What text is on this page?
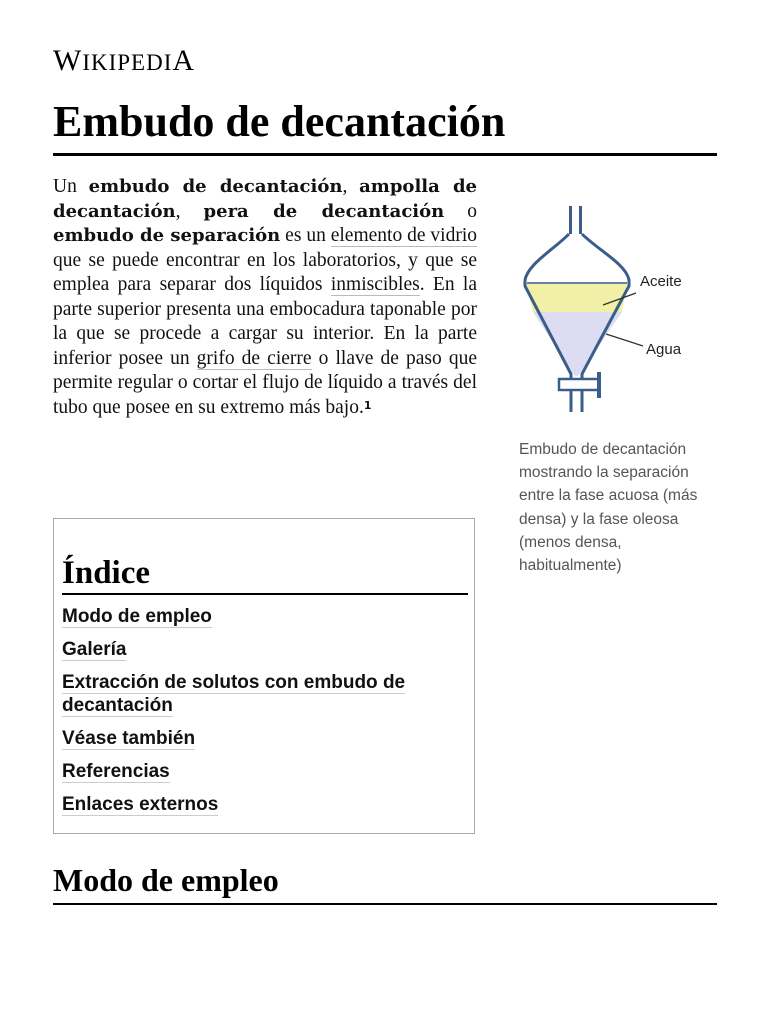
WIKIPEDIA
Embudo de decantación

Un embudo de decantación, ampolla de decantación, pera de decantación o embudo de separación es un elemento de vidrio que se puede encontrar en los laboratorios, y que se emplea para separar dos líquidos inmiscibles. En la parte superior presenta una embocadura taponable por la que se procede a cargar su interior. En la parte inferior posee un grifo de cierre o llave de paso que permite regular o cortar el flujo de líquido a través del tubo que posee en su extremo más bajo.$^1$

Aceite
Agua
Embudo de decantación mostrando la separación entre la fase acuosa (más densa) y la fase oleosa (menos densa, habitualmente)
Índice
Modo de empleo
Galería
Extracción de solutos con embudo de decantación
Véase también
Referencias
Enlaces externos
Modo de empleo
